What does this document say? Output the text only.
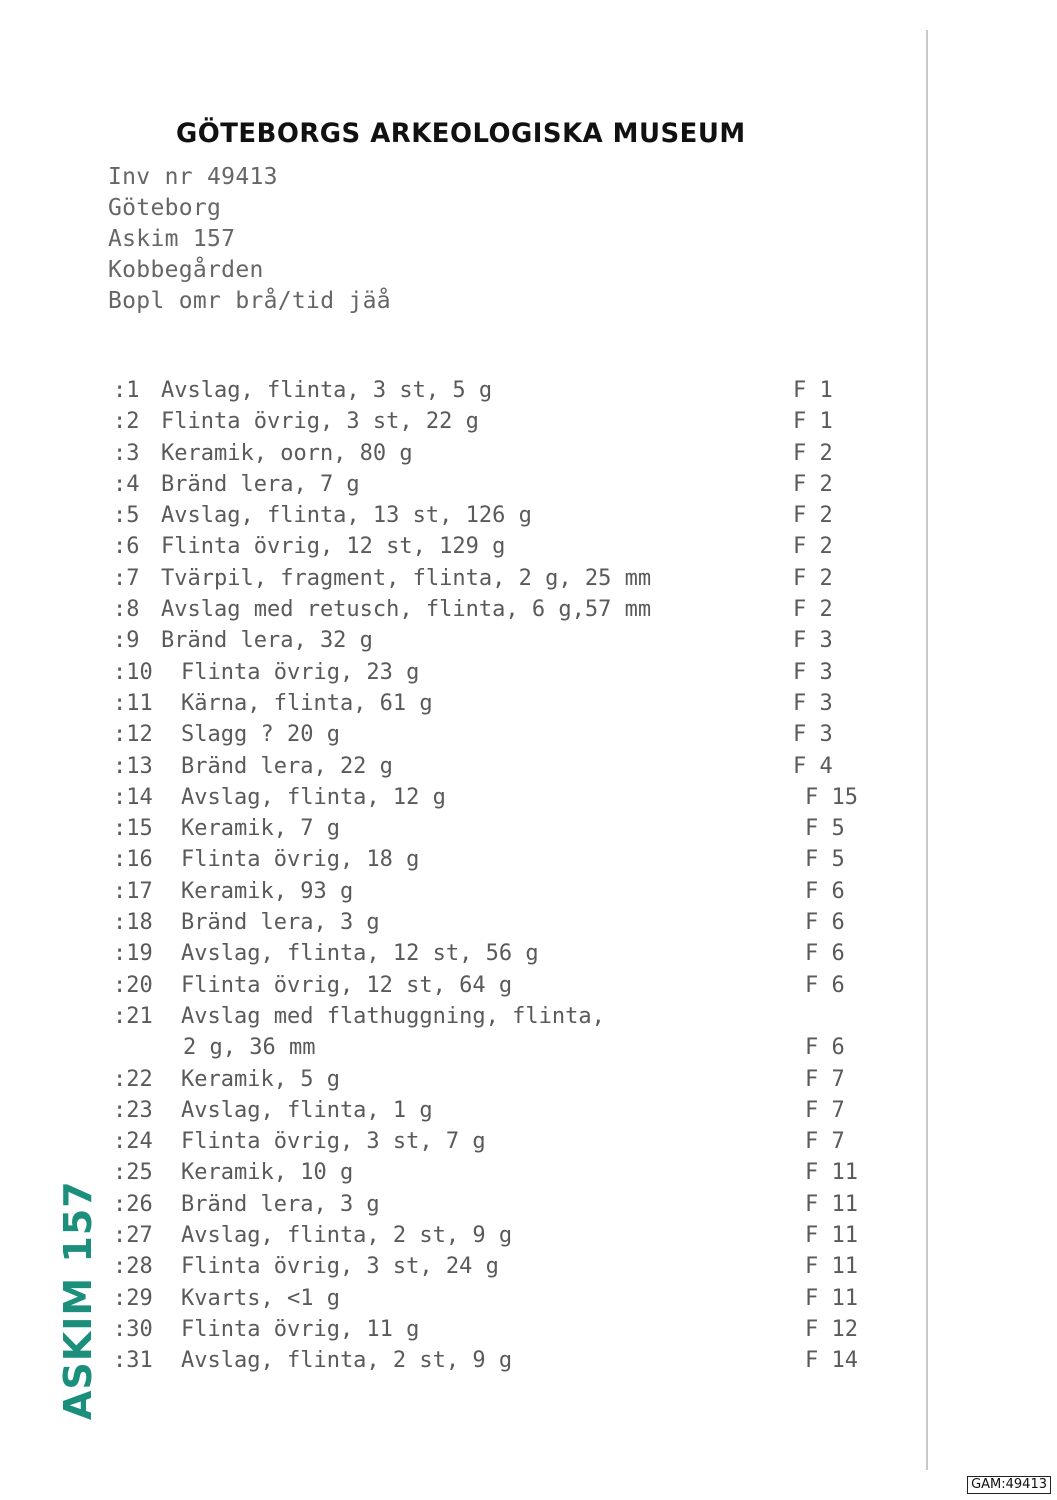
GÖTEBORGS ARKEOLOGISKA MUSEUM
Inv nr 49413
Göteborg
Askim 157
Kobbegården
Bopl omr brå/tid jäå
:1 Avslag, flinta, 3 st, 5 g	F 1
:2 Flinta övrig, 3 st, 22 g	F 1
:3 Keramik, oorn, 80 g	F 2
:4 Bränd lera, 7 g	F 2
:5 Avslag, flinta, 13 st, 126 g	F 2
:6 Flinta övrig, 12 st, 129 g	F 2
:7 Tvärpil, fragment, flinta, 2 g, 25 mm	F 2
:8 Avslag med retusch, flinta, 6 g,57 mm	F 2
:9 Bränd lera, 32 g	F 3
:10 Flinta övrig, 23 g	F 3
:11 Kärna, flinta, 61 g	F 3
:12 Slagg ? 20 g	F 3
:13 Bränd lera, 22 g	F 4
:14 Avslag, flinta, 12 g	F 15
:15 Keramik, 7 g	F 5
:16 Flinta övrig, 18 g	F 5
:17 Keramik, 93 g	F 6
:18 Bränd lera, 3 g	F 6
:19 Avslag, flinta, 12 st, 56 g	F 6
:20 Flinta övrig, 12 st, 64 g	F 6
:21 Avslag med flathuggning, flinta,
2 g, 36 mm	F 6
:22 Keramik, 5 g	F 7
:23 Avslag, flinta, 1 g	F 7
:24 Flinta övrig, 3 st, 7 g	F 7
:25 Keramik, 10 g	F 11
:26 Bränd lera, 3 g	F 11
:27 Avslag, flinta, 2 st, 9 g	F 11
:28 Flinta övrig, 3 st, 24 g	F 11
:29 Kvarts, <1 g	F 11
:30 Flinta övrig, 11 g	F 12
:31 Avslag, flinta, 2 st, 9 g	F 14
ASKIM 157
GAM:49413
